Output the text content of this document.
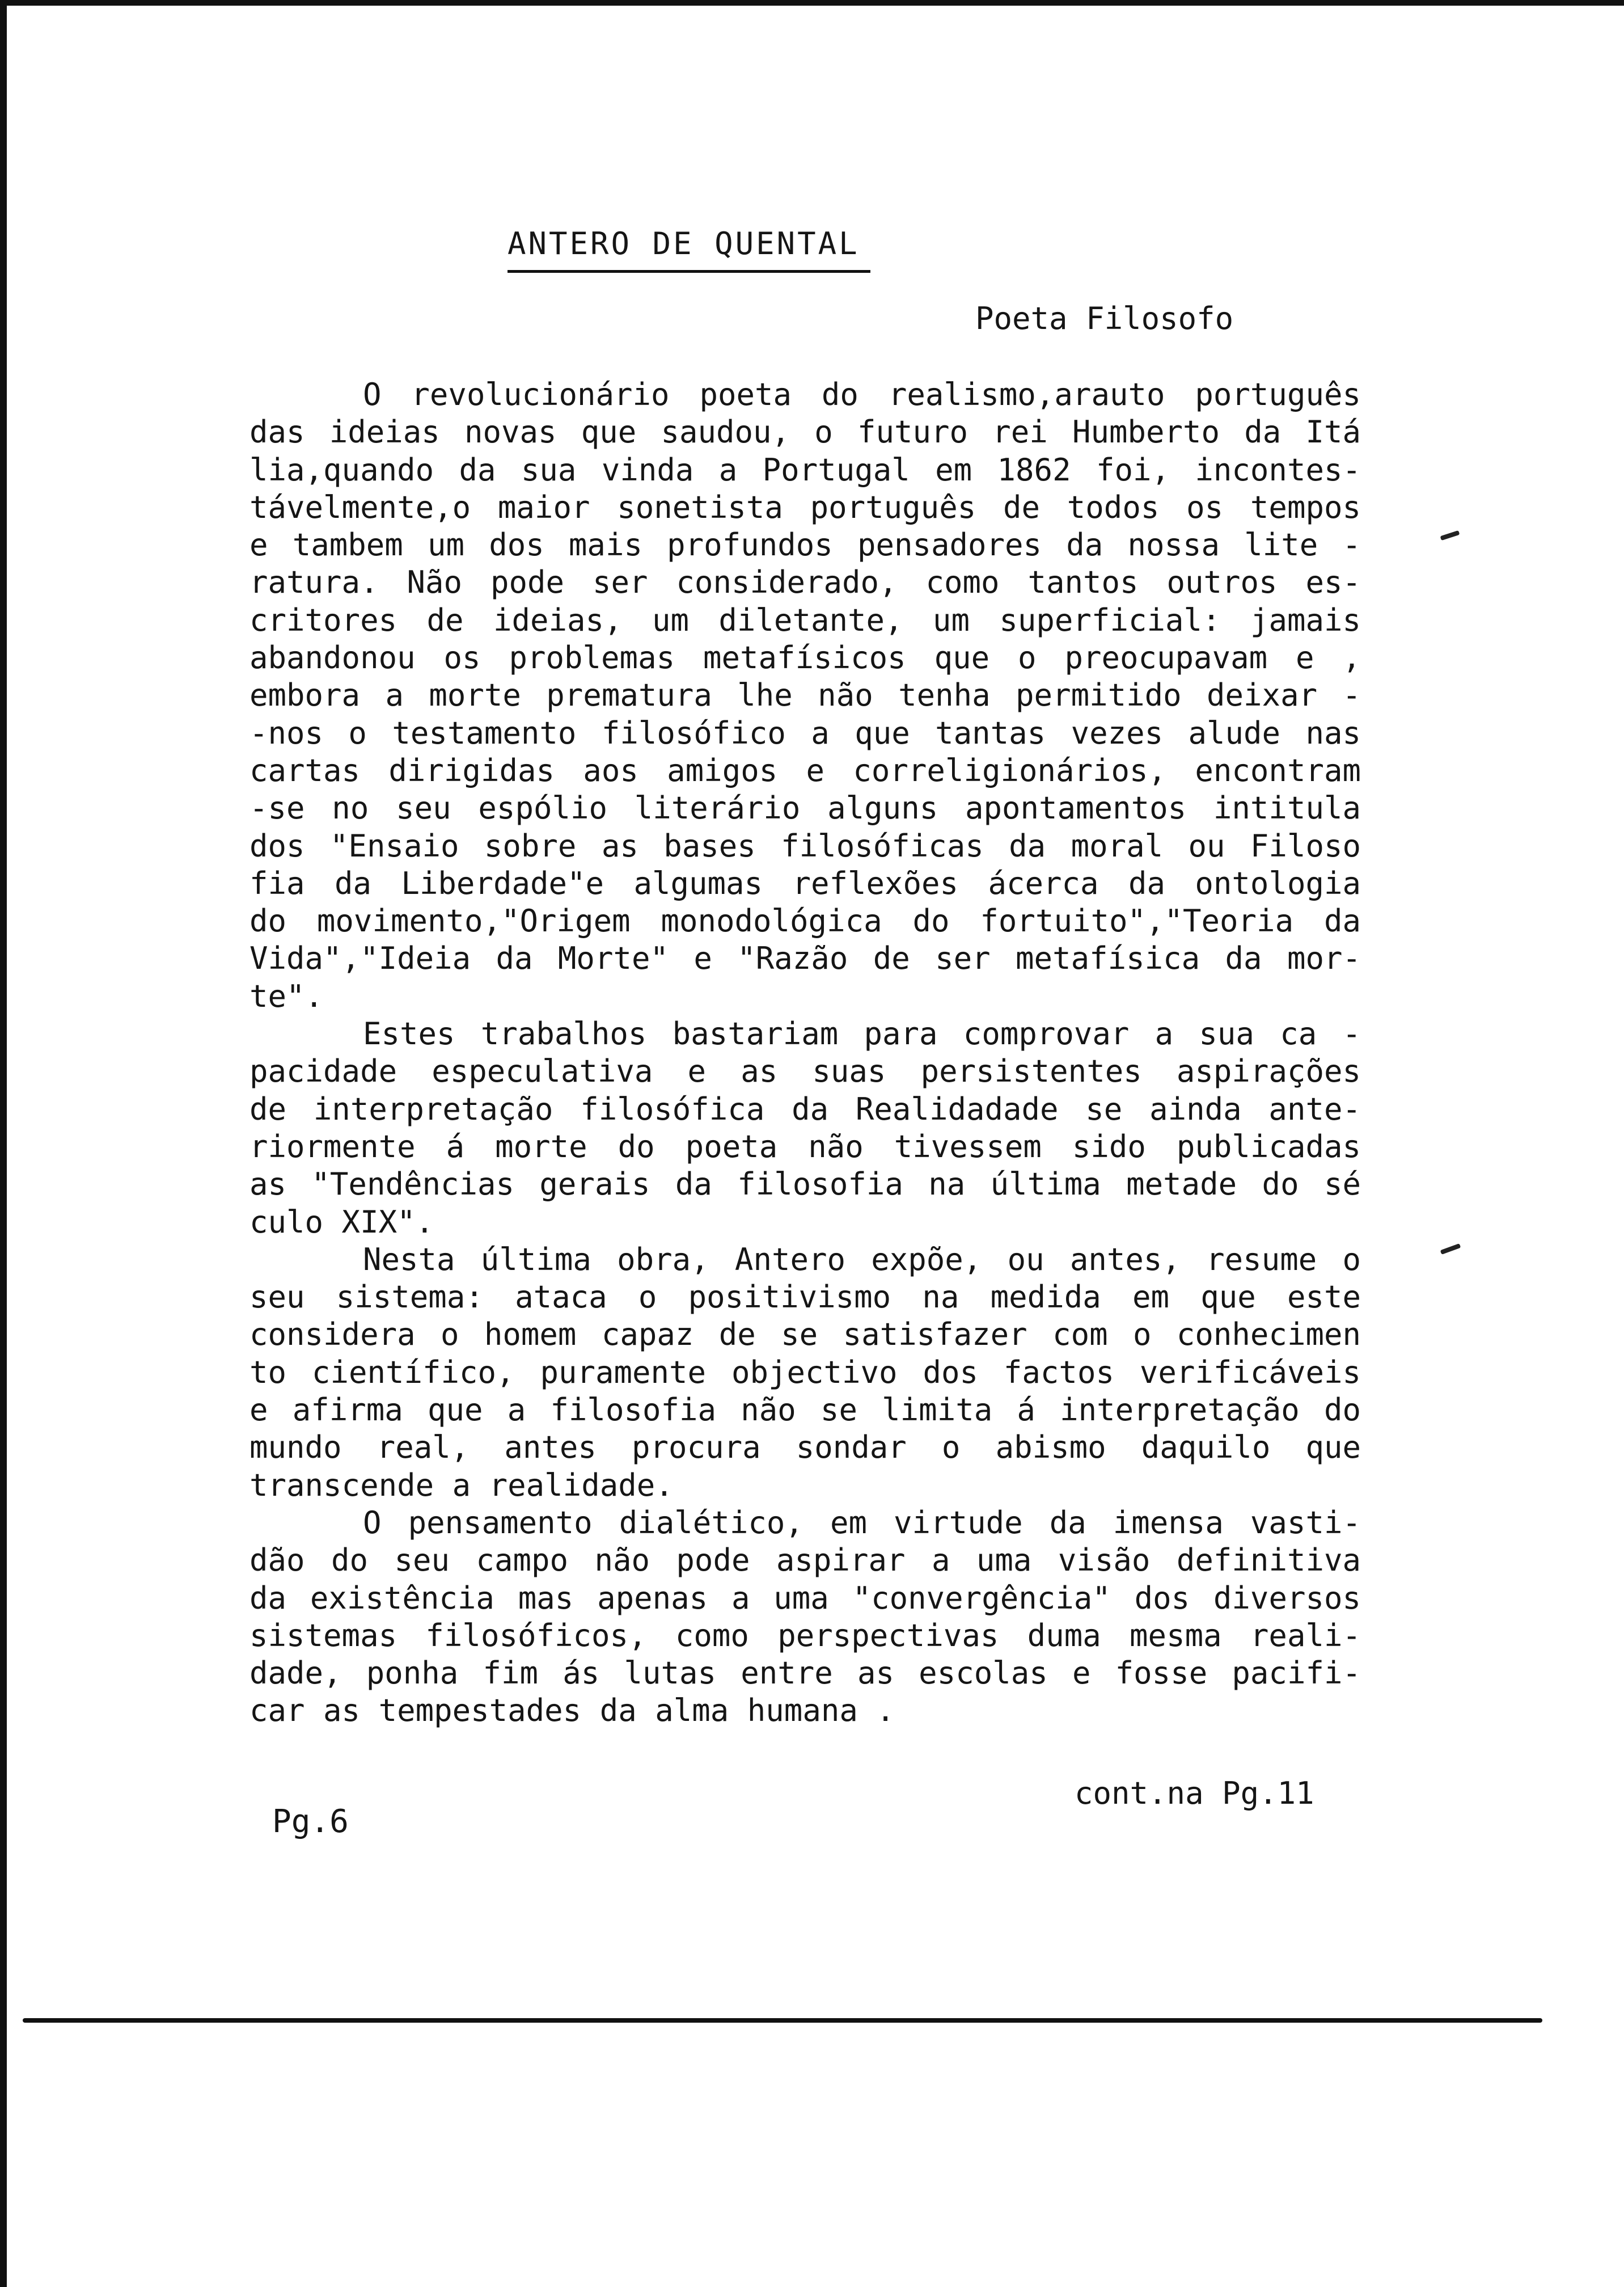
ANTERO DE QUENTAL
Poeta Filosofo
O revolucionário poeta do realismo,arauto português
das ideias novas que saudou, o futuro rei Humberto da Itá
lia,quando da sua vinda a Portugal em 1862 foi, incontes-
távelmente,o maior sonetista português de todos os tempos
e tambem um dos mais profundos pensadores da nossa lite -
ratura. Não pode ser considerado, como tantos outros es-
critores de ideias, um diletante, um superficial: jamais
abandonou os problemas metafísicos que o preocupavam e ,
embora a morte prematura lhe não tenha permitido deixar -
-nos o testamento filosófico a que tantas vezes alude nas
cartas dirigidas aos amigos e correligionários, encontram
-se no seu espólio literário alguns apontamentos intitula
dos "Ensaio sobre as bases filosóficas da moral ou Filoso
fia da Liberdade"e algumas reflexões ácerca da ontologia
do movimento,"Origem monodológica do fortuito","Teoria da
Vida","Ideia da Morte" e "Razão de ser metafísica da mor-
te".
Estes trabalhos bastariam para comprovar a sua ca -
pacidade especulativa e as suas persistentes aspirações
de interpretação filosófica da Realidadade se ainda ante-
riormente á morte do poeta não tivessem sido publicadas
as "Tendências gerais da filosofia na última metade do sé
culo XIX".
Nesta última obra, Antero expõe, ou antes, resume o
seu sistema: ataca o positivismo na medida em que este
considera o homem capaz de se satisfazer com o conhecimen
to científico, puramente objectivo dos factos verificáveis
e afirma que a filosofia não se limita á interpretação do
mundo real, antes procura sondar o abismo daquilo que
transcende a realidade.
O pensamento dialético, em virtude da imensa vasti-
dão do seu campo não pode aspirar a uma visão definitiva
da existência mas apenas a uma "convergência" dos diversos
sistemas filosóficos, como perspectivas duma mesma reali-
dade, ponha fim ás lutas entre as escolas e fosse pacifi-
car as tempestades da alma humana .
cont.na Pg.11
Pg.6
